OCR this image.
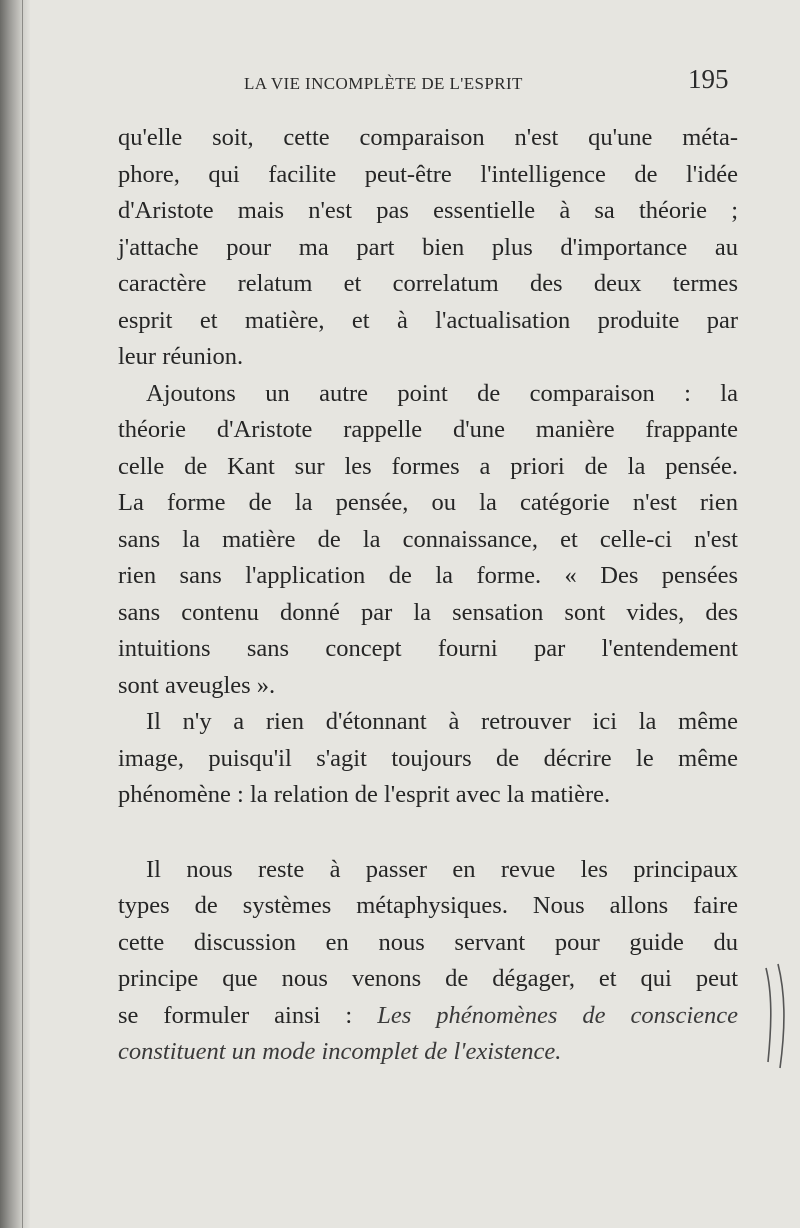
LA VIE INCOMPLÈTE DE L'ESPRIT	195
qu'elle soit, cette comparaison n'est qu'une méta-
phore, qui facilite peut-être l'intelligence de l'idée
d'Aristote mais n'est pas essentielle à sa théorie ;
j'attache pour ma part bien plus d'importance au
caractère relatum et correlatum des deux termes
esprit et matière, et à l'actualisation produite par
leur réunion.
Ajoutons un autre point de comparaison : la
théorie d'Aristote rappelle d'une manière frappante
celle de Kant sur les formes a priori de la pensée.
La forme de la pensée, ou la catégorie n'est rien
sans la matière de la connaissance, et celle-ci n'est
rien sans l'application de la forme. « Des pensées
sans contenu donné par la sensation sont vides, des
intuitions sans concept fourni par l'entendement
sont aveugles ».
Il n'y a rien d'étonnant à retrouver ici la même
image, puisqu'il s'agit toujours de décrire le même
phénomène : la relation de l'esprit avec la matière.
Il nous reste à passer en revue les principaux
types de systèmes métaphysiques. Nous allons faire
cette discussion en nous servant pour guide du
principe que nous venons de dégager, et qui peut
se formuler ainsi : Les phénomènes de conscience
constituent un mode incomplet de l'existence.
